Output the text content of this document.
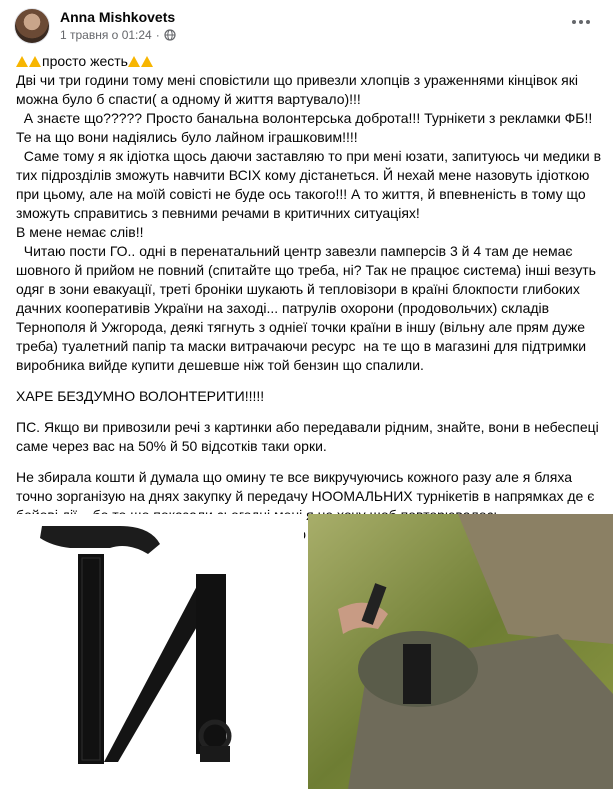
Anna Mishkovets
1 травня о 01:24 ·

просто жесть

Дві чи три години тому мені сповістили що привезли хлопців з ураженнями кінцівок які можна було б спасти( а одному й життя вартувало)!!!

А знаєте що????? Просто банальна волонтерська доброта!!! Турнікети з рекламки ФБ!! Те на що вони надіялись було лайном іграшковим!!!!

Саме тому я як ідіотка щось даючи заставляю то при мені юзати, запитуюсь чи медики в тих підрозділів зможуть навчити ВСІХ кому дістанеться. Й нехай мене назовуть ідіоткою при цьому, але на моїй совісті не буде ось такого!!! А то життя, й впевненість в тому що зможуть справитись з певними речами в критичних ситуаціях!

В мене немає слів!!

Читаю пости ГО.. одні в перенатальний центр завезли памперсів 3 й 4 там де немає шовного й прийом не повний (спитайте що треба, ні? Так не працює система) інші везуть одяг в зони евакуації, треті броніки шукають й тепловізори в країні блокпости глибоких дачних кооперативів України на заході... патрулів охорони (продовольчих) складів Тернополя й Ужгорода, деякі тягнуть з одніеї точки країни в іншу (вільну але прям дуже треба) туалетний папір та маски витрачаючи ресурс  на те що в магазині для підтримки виробника вийде купити дешевше ніж той бензин що спалили.

ХАРЕ БЕЗДУМНО ВОЛОНТЕРИТИ!!!!!

ПС. Якщо ви привозили речі з картинки або передавали рідним, знайте, вони в небеспеці саме через вас на 50% й 50 відсотків таки орки.

Не збирала кошти й думала що омину те все викручуючись кожного разу але я бляха точно зорганізую на днях закупку й передачу НООМАЛЬНИХ турнікетів в напрямках де є
